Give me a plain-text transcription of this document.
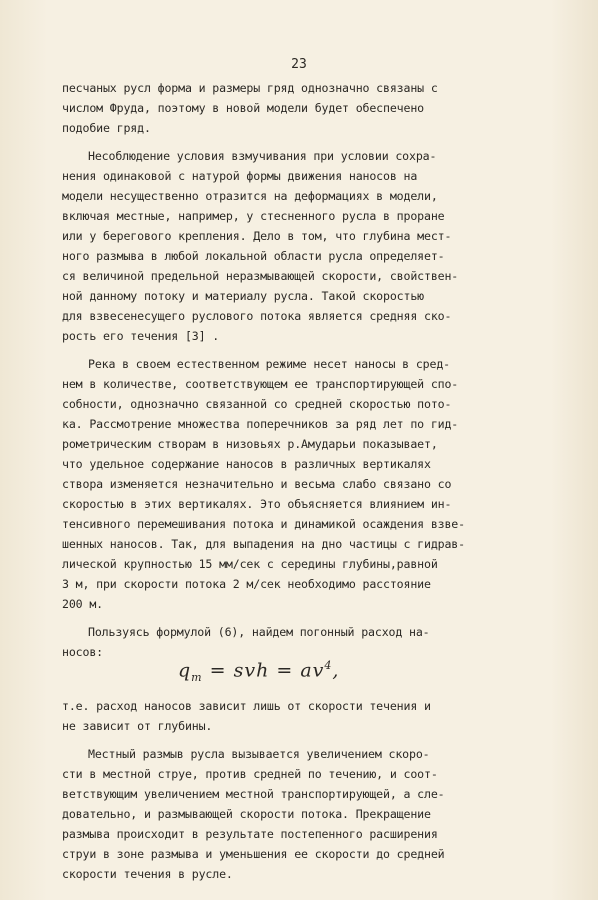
23

песчаных русл форма и размеры гряд однозначно связаны с
числом Фруда, поэтому в новой модели будет обеспечено
подобие гряд.

Несоблюдение условия взмучивания при условии сохра-
нения одинаковой с натурой формы движения наносов на
модели несущественно отразится на деформациях в модели,
включая местные, например, у стесненного русла в проране
или у берегового крепления. Дело в том, что глубина мест-
ного размыва в любой локальной области русла определяет-
ся величиной предельной неразмывающей скорости, свойствен-
ной данному потоку и материалу русла. Такой скоростью
для взвесенесущего руслового потока является средняя ско-
рость его течения [3] .

Река в своем естественном режиме несет наносы в сред-
нем в количестве, соответствующем ее транспортирующей спо-
собности, однозначно связанной со средней скоростью пото-
ка. Рассмотрение множества поперечников за ряд лет по гид-
рометрическим створам в низовьях р.Амударьи показывает,
что удельное содержание наносов в различных вертикалях
створа изменяется незначительно и весьма слабо связано со
скоростью в этих вертикалях. Это объясняется влиянием ин-
тенсивного перемешивания потока и динамикой осаждения взве-
шенных наносов. Так, для выпадения на дно частицы с гидрав-
лической крупностью 15 мм/сек с середины глубины,равной
3 м, при скорости потока 2 м/сек необходимо расстояние
200 м.

Пользуясь формулой (6), найдем погонный расход на-
носов:

$q_т$ = svh = $av^4$,

т.е. расход наносов зависит лишь от скорости течения и
не зависит от глубины.

Местный размыв русла вызывается увеличением скоро-
сти в местной струе, против средней по течению, и соот-
ветствующим увеличением местной транспортирующей, а сле-
довательно, и размывающей скорости потока. Прекращение
размыва происходит в результате постепенного расширения
струи в зоне размыва и уменьшения ее скорости до средней
скорости течения в русле.
